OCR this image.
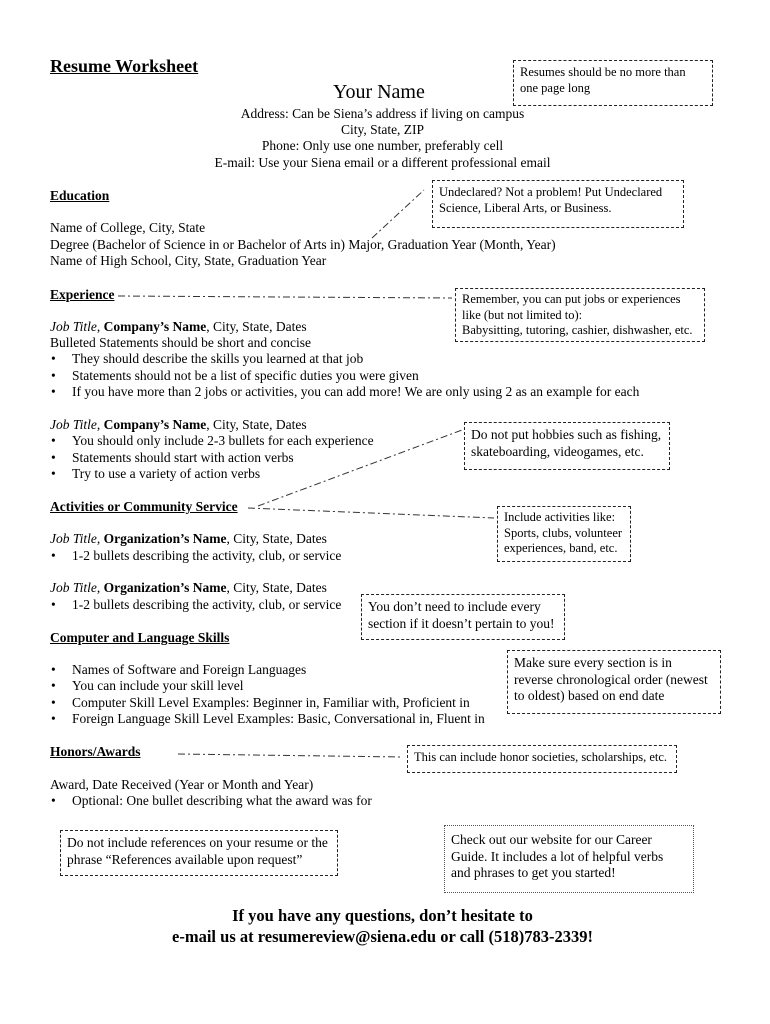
Resume Worksheet
Your Name
Address: Can be Siena’s address if living on campus
City, State, ZIP
Phone: Only use one number, preferably cell
E-mail: Use your Siena email or a different professional email
Education
Name of College, City, State
Degree (Bachelor of Science in or Bachelor of Arts in) Major, Graduation Year (Month, Year)
Name of High School, City, State, Graduation Year
Experience
Job Title, Company’s Name, City, State, Dates
Bulleted Statements should be short and concise
• They should describe the skills you learned at that job
• Statements should not be a list of specific duties you were given
• If you have more than 2 jobs or activities, you can add more! We are only using 2 as an example for each
Job Title, Company’s Name, City, State, Dates
• You should only include 2-3 bullets for each experience
• Statements should start with action verbs
• Try to use a variety of action verbs
Activities or Community Service
Job Title, Organization’s Name, City, State, Dates
• 1-2 bullets describing the activity, club, or service
Job Title, Organization’s Name, City, State, Dates
• 1-2 bullets describing the activity, club, or service
Computer and Language Skills
• Names of Software and Foreign Languages
• You can include your skill level
• Computer Skill Level Examples: Beginner in, Familiar with, Proficient in
• Foreign Language Skill Level Examples: Basic, Conversational in, Fluent in
Honors/Awards
Award, Date Received (Year or Month and Year)
• Optional: One bullet describing what the award was for
Resumes should be no more than
one page long
Undeclared? Not a problem! Put Undeclared
Science, Liberal Arts, or Business.
Remember, you can put jobs or experiences
like (but not limited to):
Babysitting, tutoring, cashier, dishwasher, etc.
Do not put hobbies such as fishing,
skateboarding, videogames, etc.
Include activities like:
Sports, clubs, volunteer
experiences, band, etc.
You don’t need to include every
section if it doesn’t pertain to you!
Make sure every section is in
reverse chronological order (newest
to oldest) based on end date
This can include honor societies, scholarships, etc.
Do not include references on your resume or the
phrase “References available upon request”
Check out our website for our Career
Guide. It includes a lot of helpful verbs
and phrases to get you started!
If you have any questions, don’t hesitate to
e-mail us at resumereview@siena.edu or call (518)783-2339!
